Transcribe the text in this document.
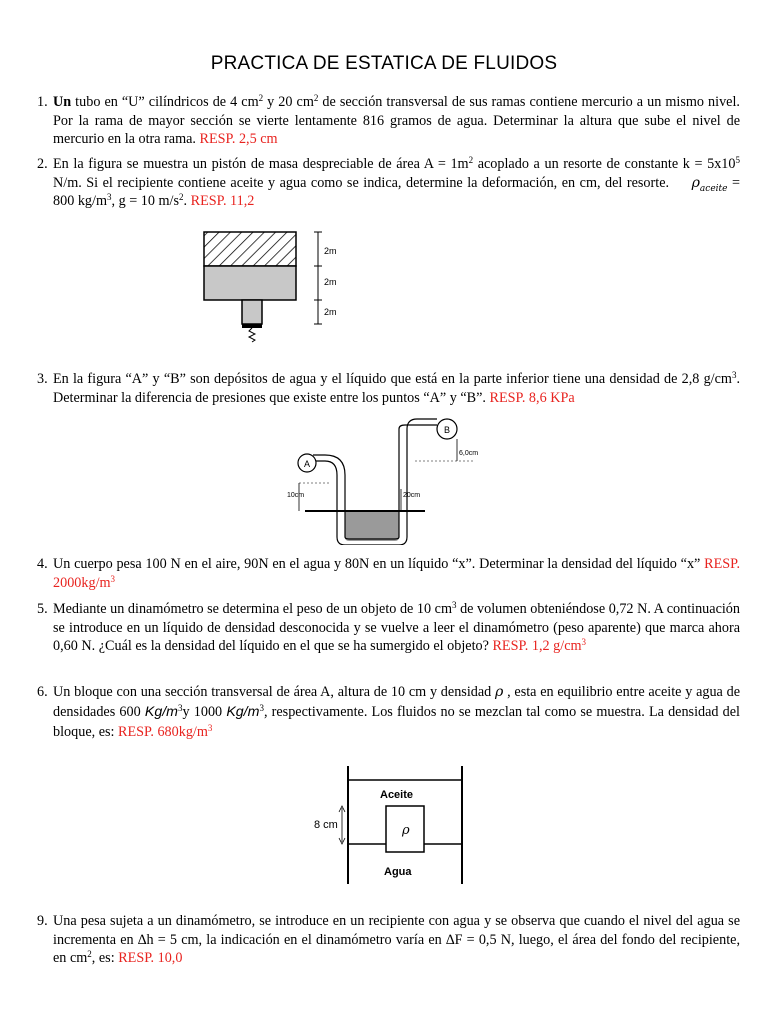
PRACTICA DE ESTATICA DE FLUIDOS
1. Un tubo en “U” cilíndricos de 4 $cm^2$ y 20 $cm^2$ de sección transversal de sus ramas contiene mercurio a un mismo nivel. Por la rama de mayor sección se vierte lentamente 816 gramos de agua. Determinar la altura que sube el nivel de mercurio en la otra rama. RESP. 2,5 cm
2. En la figura se muestra un pistón de masa despreciable de área $A = 1m^2$ acoplado a un resorte de constante $k = 5x10^5$ N/m. Si el recipiente contiene aceite y agua como se indica, determine la deformación, en cm, del resorte. $\rho_{aceite} = 800$ $kg/m^3$, g = 10 $m/s^2$. RESP. 11,2
2m
2m
2m
3. En la figura “A” y “B” son depósitos de agua y el líquido que está en la parte inferior tiene una densidad de 2,8 $g/cm^3$. Determinar la diferencia de presiones que existe entre los puntos “A” y “B”. RESP. 8,6 KPa
A
B
10cm	20cm
6,0cm
4. Un cuerpo pesa 100 N en el aire, 90N en el agua y 80N en un líquido “x”. Determinar la densidad del líquido “x” RESP. $2000kg/m^3$
5. Mediante un dinamómetro se determina el peso de un objeto de 10 $cm^3$ de volumen obteniéndose 0,72 N. A continuación se introduce en un líquido de densidad desconocida y se vuelve a leer el dinamómetro (peso aparente) que marca ahora 0,60 N. ¿Cuál es la densidad del líquido en el que se ha sumergido el objeto? RESP. 1,2 $g/cm^3$
6. Un bloque con una sección transversal de área A, altura de 10 cm y densidad ρ , esta en equilibrio entre aceite y agua de densidades 600 $Kg/m^3y$ 1000 $Kg/m^3$, respectivamente. Los fluidos no se mezclan tal como se muestra. La densidad del bloque, es: RESP. $680kg/m^3$
ρ
Aceite
Agua
8 cm
9. Una pesa sujeta a un dinamómetro, se introduce en un recipiente con agua y se observa que cuando el nivel del agua se incrementa en ∆h = 5 cm, la indicación en el dinamómetro varía en ∆F = 0,5 N, luego, el área del fondo del recipiente, en $cm^2$, es: RESP. 10,0
